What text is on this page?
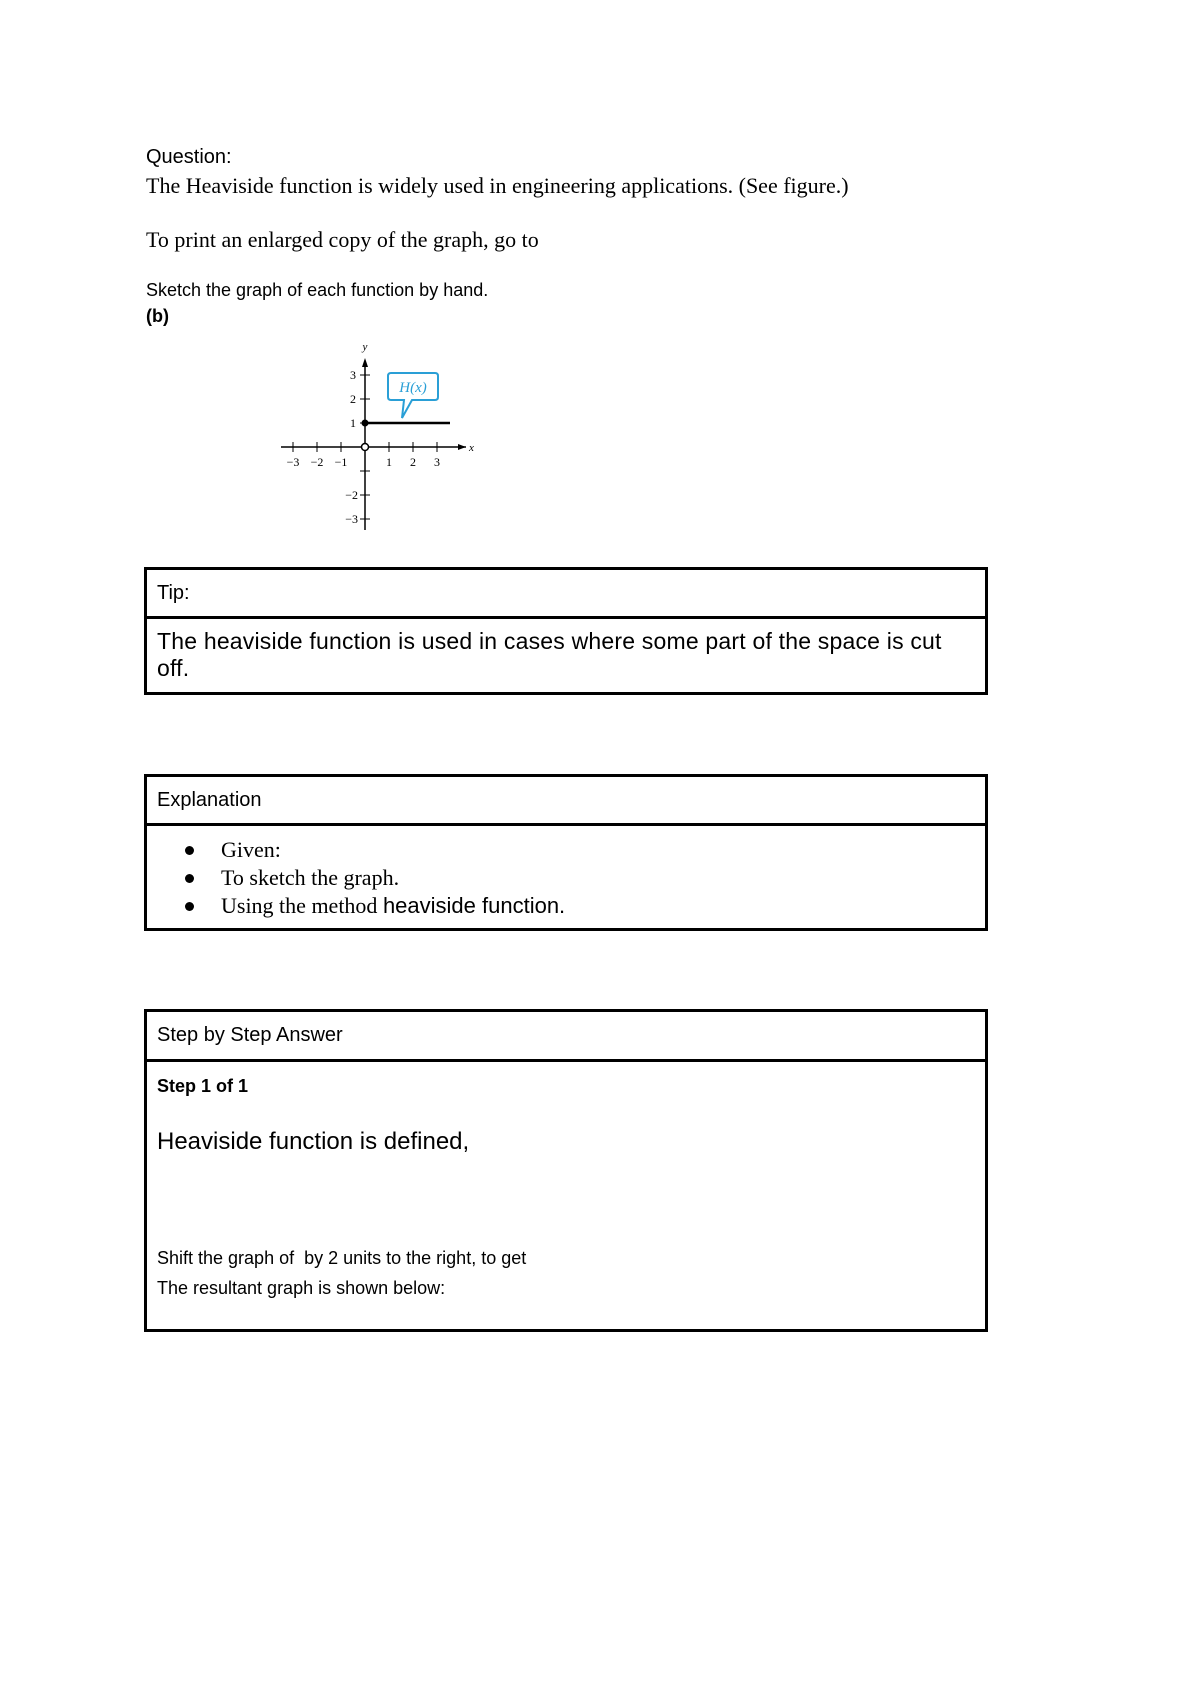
Question:
The Heaviside function is widely used in engineering applications. (See figure.)
To print an enlarged copy of the graph, go to
Sketch the graph of each function by hand.
(b)
−3 −2 −1	1 2 3
3
2
1
−2
−3
y
x
H(x)
Tip:
The heaviside function is used in cases where some part of the space is cut off.
Explanation
Given:
To sketch the graph.
Using the method heaviside function.
Step by Step Answer
Step 1 of 1
Heaviside function is defined,
Shift the graph of  by 2 units to the right, to get
The resultant graph is shown below:
